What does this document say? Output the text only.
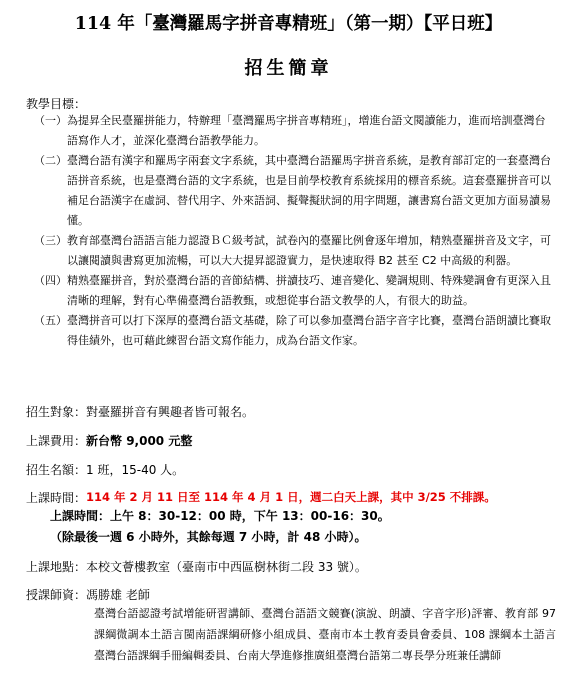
114 年「臺灣羅馬字拼音專精班」（第一期）【平日班】
招生簡章
教學目標：
（一） 為提昇全民臺羅拼能力，特辦理「臺灣羅馬字拼音專精班」，增進台語文閱讀能力，進而培訓臺灣台語寫作人才，並深化臺灣台語教學能力。
（二） 臺灣台語有漢字和羅馬字兩套文字系統，其中臺灣台語羅馬字拼音系統，是教育部訂定的一套臺灣台語拼音系統，也是臺灣台語的文字系統，也是目前學校教育系統採用的標音系統。這套臺羅拼音可以補足台語漢字在虛詞、替代用字、外來語詞、擬聲擬狀詞的用字問題，讓書寫台語文更加方面易讀易懂。
（三） 教育部臺灣台語語言能力認證ＢＣ級考試，試卷內的臺羅比例會逐年增加，精熟臺羅拼音及文字，可以讓閱讀與書寫更加流暢，可以大大提昇認證實力，是快速取得 B2 甚至 C2 中高級的利器。
（四） 精熟臺羅拼音，對於臺灣台語的音節結構、拼讀技巧、連音變化、變調規則、特殊變調會有更深入且清晰的理解，對有心準備臺灣台語教甄，或想從事台語文教學的人，有很大的助益。
（五） 臺灣拼音可以打下深厚的臺灣台語文基礎，除了可以參加臺灣台語字音字比賽，臺灣台語朗讀比賽取得佳績外，也可藉此練習台語文寫作能力，成為台語文作家。
招生對象： 對臺羅拼音有興趣者皆可報名。
上課費用： 新台幣 9,000 元整
招生名額： 1 班，15-40 人。
上課時間： 114 年 2 月 11 日至 114 年 4 月 1 日，週二白天上課，其中 3/25 不排課。
上課時間：上午 8：30-12：00 時，下午 13：00-16：30。
（除最後一週 6 小時外，其餘每週 7 小時，計 48 小時）。
上課地點： 本校文薈樓教室（臺南市中西區樹林街二段 33 號）。
授課師資： 馮勝雄 老師
臺灣台語認證考試增能研習講師、臺灣台語語文競賽(演說、朗讀、字音字形)評審、教育部 97 課綱微調本土語言閩南語課綱研修小組成員、臺南市本土教育委員會委員、108 課綱本土語言臺灣台語課綱手冊編輯委員、台南大學進修推廣組臺灣台語第二專長學分班兼任講師
